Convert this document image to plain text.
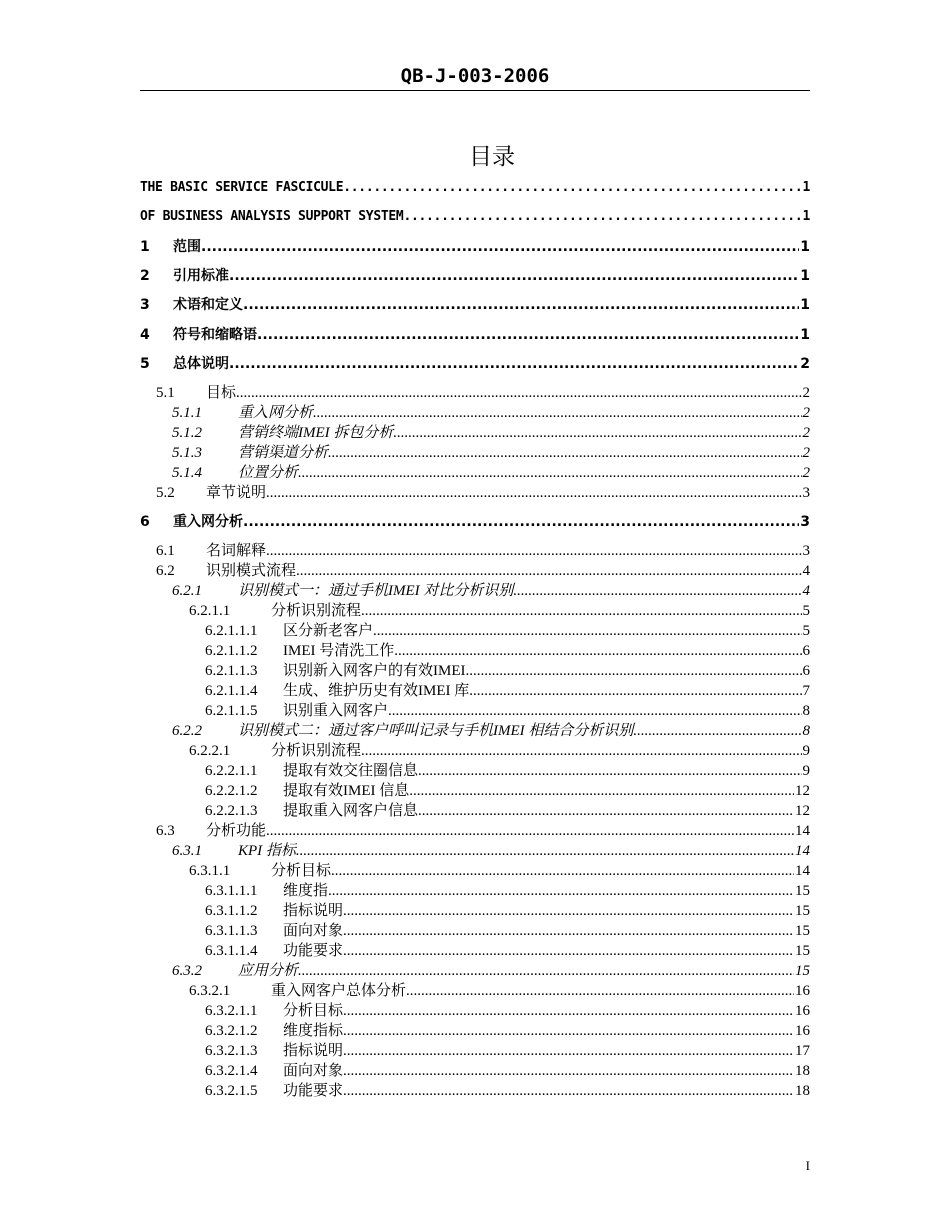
QB-J-003-2006
目录
THE BASIC SERVICE FASCICULE .....	1
OF BUSINESS ANALYSIS SUPPORT SYSTEM .....	1
1	范围 .....	1
2	引用标准 .....	1
3	术语和定义 .....	1
4	符号和缩略语 .....	1
5	总体说明 .....	2
5.1	目标 .....	2
5.1.1	重入网分析 .....	2
5.1.2	营销终端IMEI 拆包分析 .....	2
5.1.3	营销渠道分析 .....	2
5.1.4	位置分析 .....	2
5.2	章节说明 .....	3
6	重入网分析 .....	3
6.1	名词解释 .....	3
6.2	识别模式流程 .....	4
6.2.1	识别模式一：通过手机IMEI 对比分析识别 .....	4
6.2.1.1	分析识别流程 .....	5
6.2.1.1.1	区分新老客户 .....	5
6.2.1.1.2	IMEI 号清洗工作 .....	6
6.2.1.1.3	识别新入网客户的有效IMEI .....	6
6.2.1.1.4	生成、维护历史有效IMEI 库 .....	7
6.2.1.1.5	识别重入网客户 .....	8
6.2.2	识别模式二：通过客户呼叫记录与手机IMEI 相结合分析识别 .....	8
6.2.2.1	分析识别流程 .....	9
6.2.2.1.1	提取有效交往圈信息 .....	9
6.2.2.1.2	提取有效IMEI 信息 .....	12
6.2.2.1.3	提取重入网客户信息 .....	12
6.3	分析功能 .....	14
6.3.1	KPI 指标 .....	14
6.3.1.1	分析目标 .....	14
6.3.1.1.1	维度指 .....	15
6.3.1.1.2	指标说明 .....	15
6.3.1.1.3	面向对象 .....	15
6.3.1.1.4	功能要求 .....	15
6.3.2	应用分析 .....	15
6.3.2.1	重入网客户总体分析 .....	16
6.3.2.1.1	分析目标 .....	16
6.3.2.1.2	维度指标 .....	16
6.3.2.1.3	指标说明 .....	17
6.3.2.1.4	面向对象 .....	18
6.3.2.1.5	功能要求 .....	18
I
